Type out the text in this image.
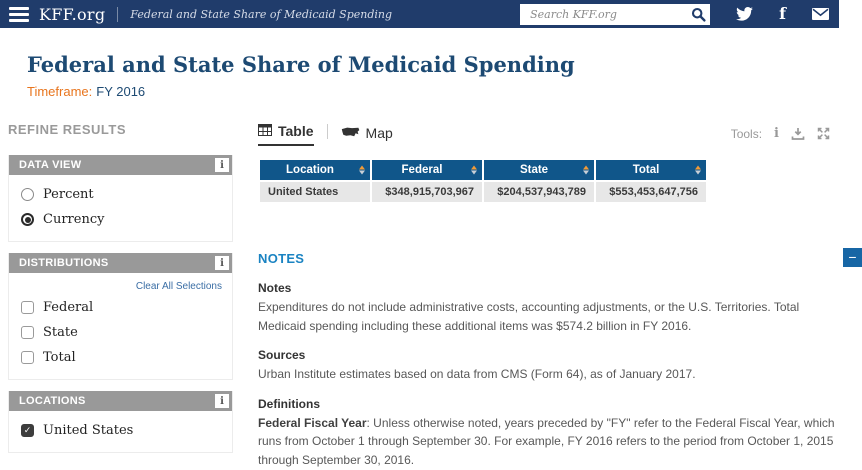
KFF.org Federal and State Share of Medicaid Spending
Search KFF.org	f
Federal and State Share of Medicaid Spending
Timeframe: FY 2016
REFINE RESULTS
DATA VIEW	i
Percent
Currency
DISTRIBUTIONS	i
Clear All Selections
Federal
State
Total
LOCATIONS	i
✓ United States
Table	Map	Tools: i
Location	Federal	State	Total

United States	$348,915,703,967	$204,537,943,789	$553,453,647,756
NOTES	−
Notes

Expenditures do not include administrative costs, accounting adjustments, or the U.S. Territories. Total Medicaid spending including these additional items was $574.2 billion in FY 2016.

Sources

Urban Institute estimates based on data from CMS (Form 64), as of January 2017.

Definitions

Federal Fiscal Year: Unless otherwise noted, years preceded by "FY" refer to the Federal Fiscal Year, which runs from October 1 through September 30. For example, FY 2016 refers to the period from October 1, 2015 through September 30, 2016.
